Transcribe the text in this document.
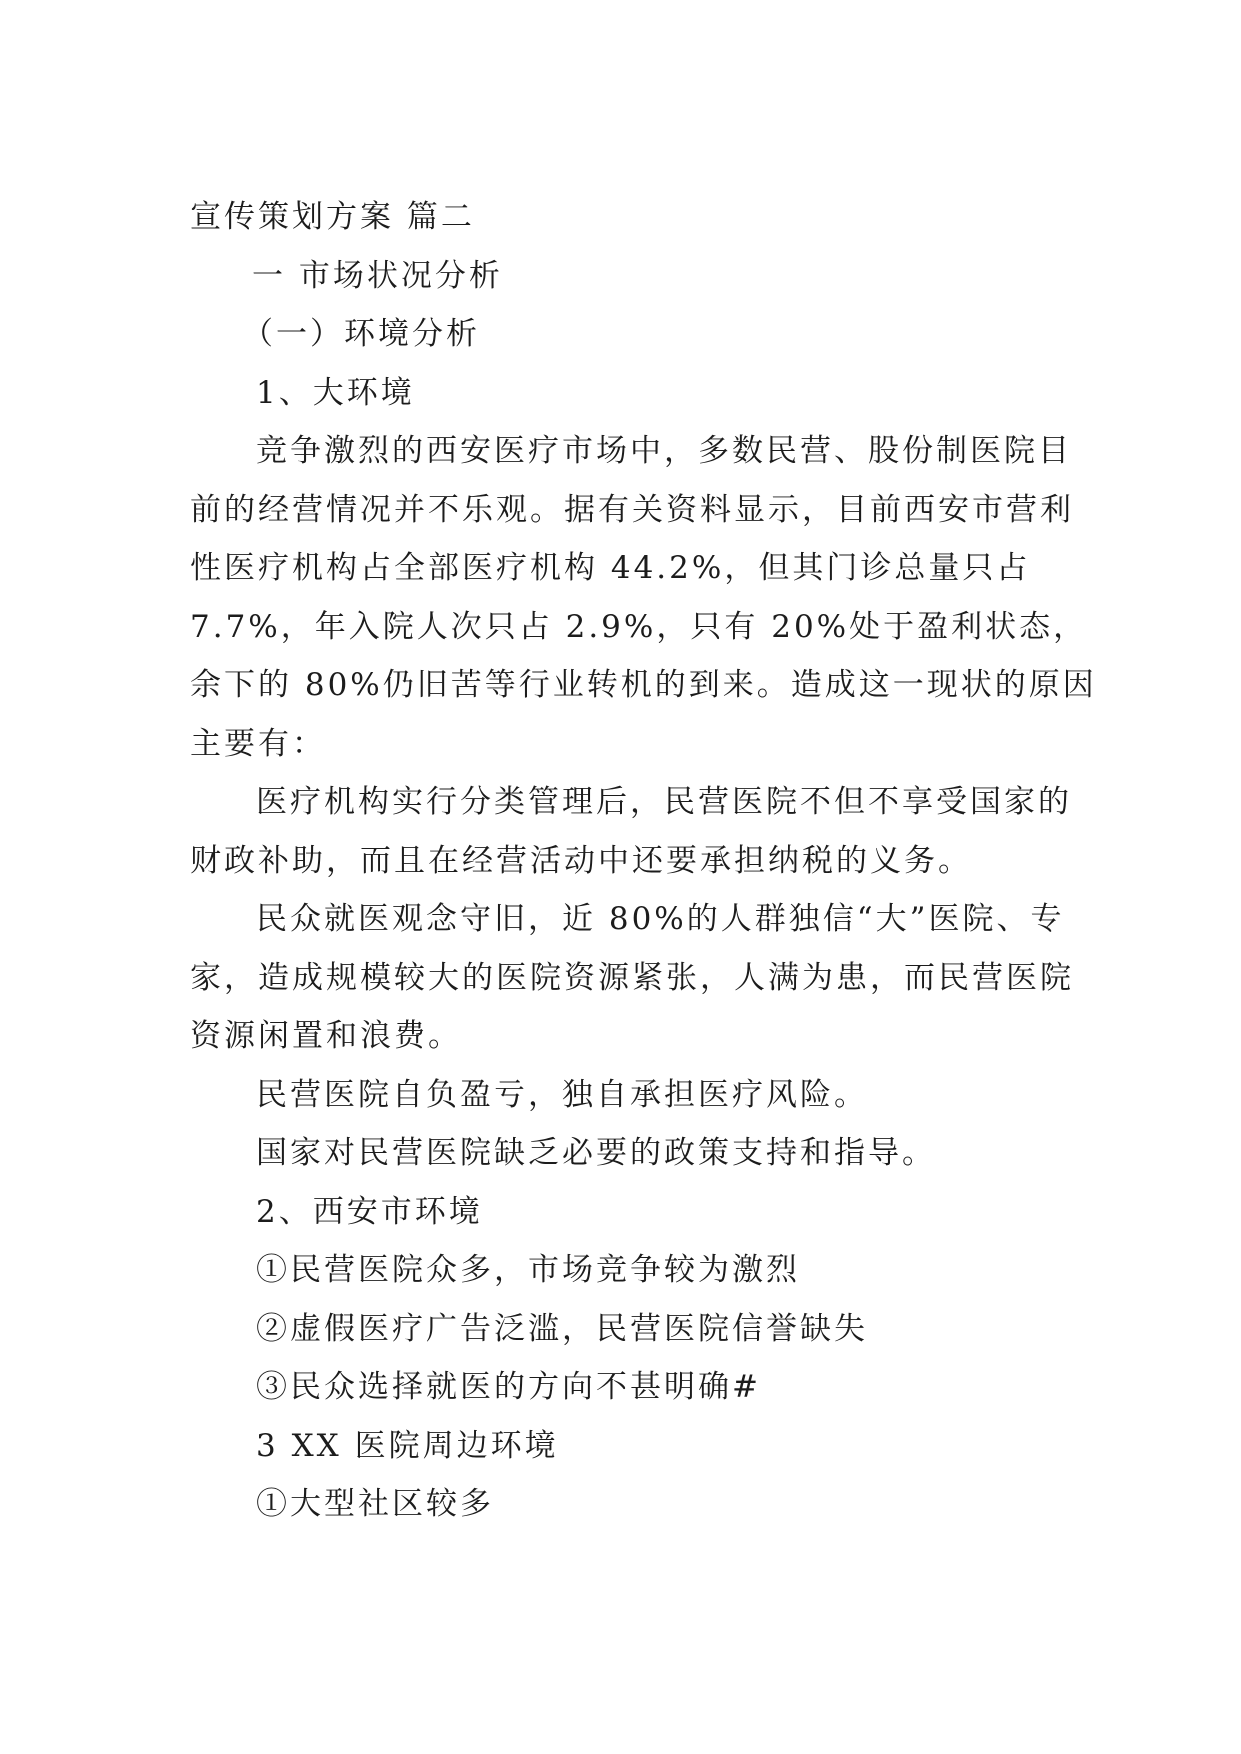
宣传策划方案 篇二

一 市场状况分析

（一）环境分析

1、大环境

竞争激烈的西安医疗市场中，多数民营、股份制医院目

前的经营情况并不乐观。据有关资料显示，目前西安市营利

性医疗机构占全部医疗机构 44.2%，但其门诊总量只占

7.7%，年入院人次只占 2.9%，只有 20%处于盈利状态，

余下的 80%仍旧苦等行业转机的到来。造成这一现状的原因

主要有：

医疗机构实行分类管理后，民营医院不但不享受国家的

财政补助，而且在经营活动中还要承担纳税的义务。

民众就医观念守旧，近 80%的人群独信“大”医院、专

家，造成规模较大的医院资源紧张，人满为患，而民营医院

资源闲置和浪费。

民营医院自负盈亏，独自承担医疗风险。

国家对民营医院缺乏必要的政策支持和指导。

2、西安市环境

①民营医院众多，市场竞争较为激烈

②虚假医疗广告泛滥，民营医院信誉缺失

③民众选择就医的方向不甚明确#

3 XX 医院周边环境

①大型社区较多
